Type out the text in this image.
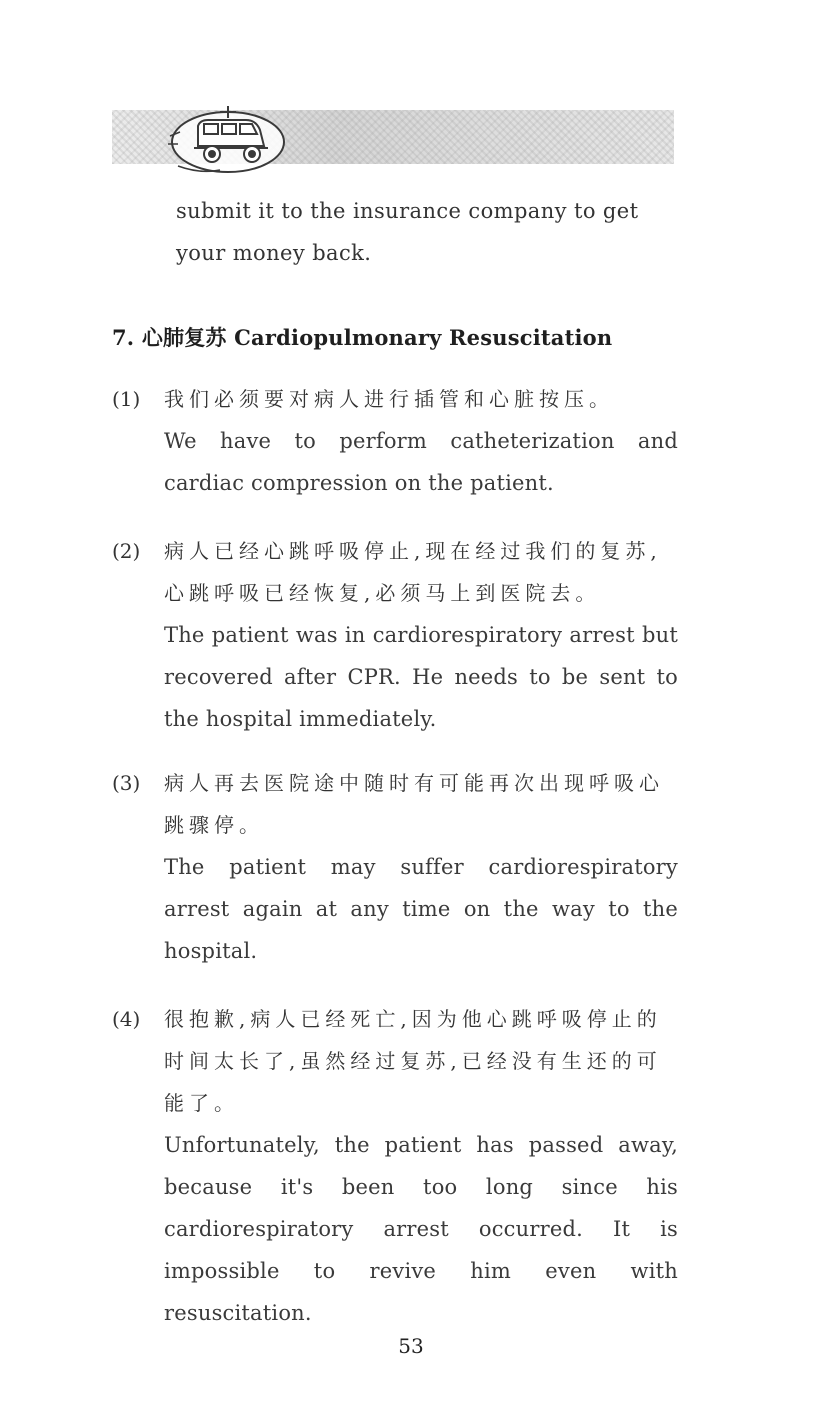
submit it to the insurance company to get your money back.
7. 心肺复苏 Cardiopulmonary Resuscitation
(1) 我们必须要对病人进行插管和心脏按压。
We have to perform catheterization and cardiac compression on the patient.
(2) 病人已经心跳呼吸停止,现在经过我们的复苏,心跳呼吸已经恢复,必须马上到医院去。
The patient was in cardiorespiratory arrest but recovered after CPR. He needs to be sent to the hospital immediately.
(3) 病人再去医院途中随时有可能再次出现呼吸心跳骤停。
The patient may suffer cardiorespiratory arrest again at any time on the way to the hospital.
(4) 很抱歉,病人已经死亡,因为他心跳呼吸停止的时间太长了,虽然经过复苏,已经没有生还的可能了。
Unfortunately, the patient has passed away, because it's been too long since his cardiorespiratory arrest occurred. It is impossible to revive him even with resuscitation.
53
